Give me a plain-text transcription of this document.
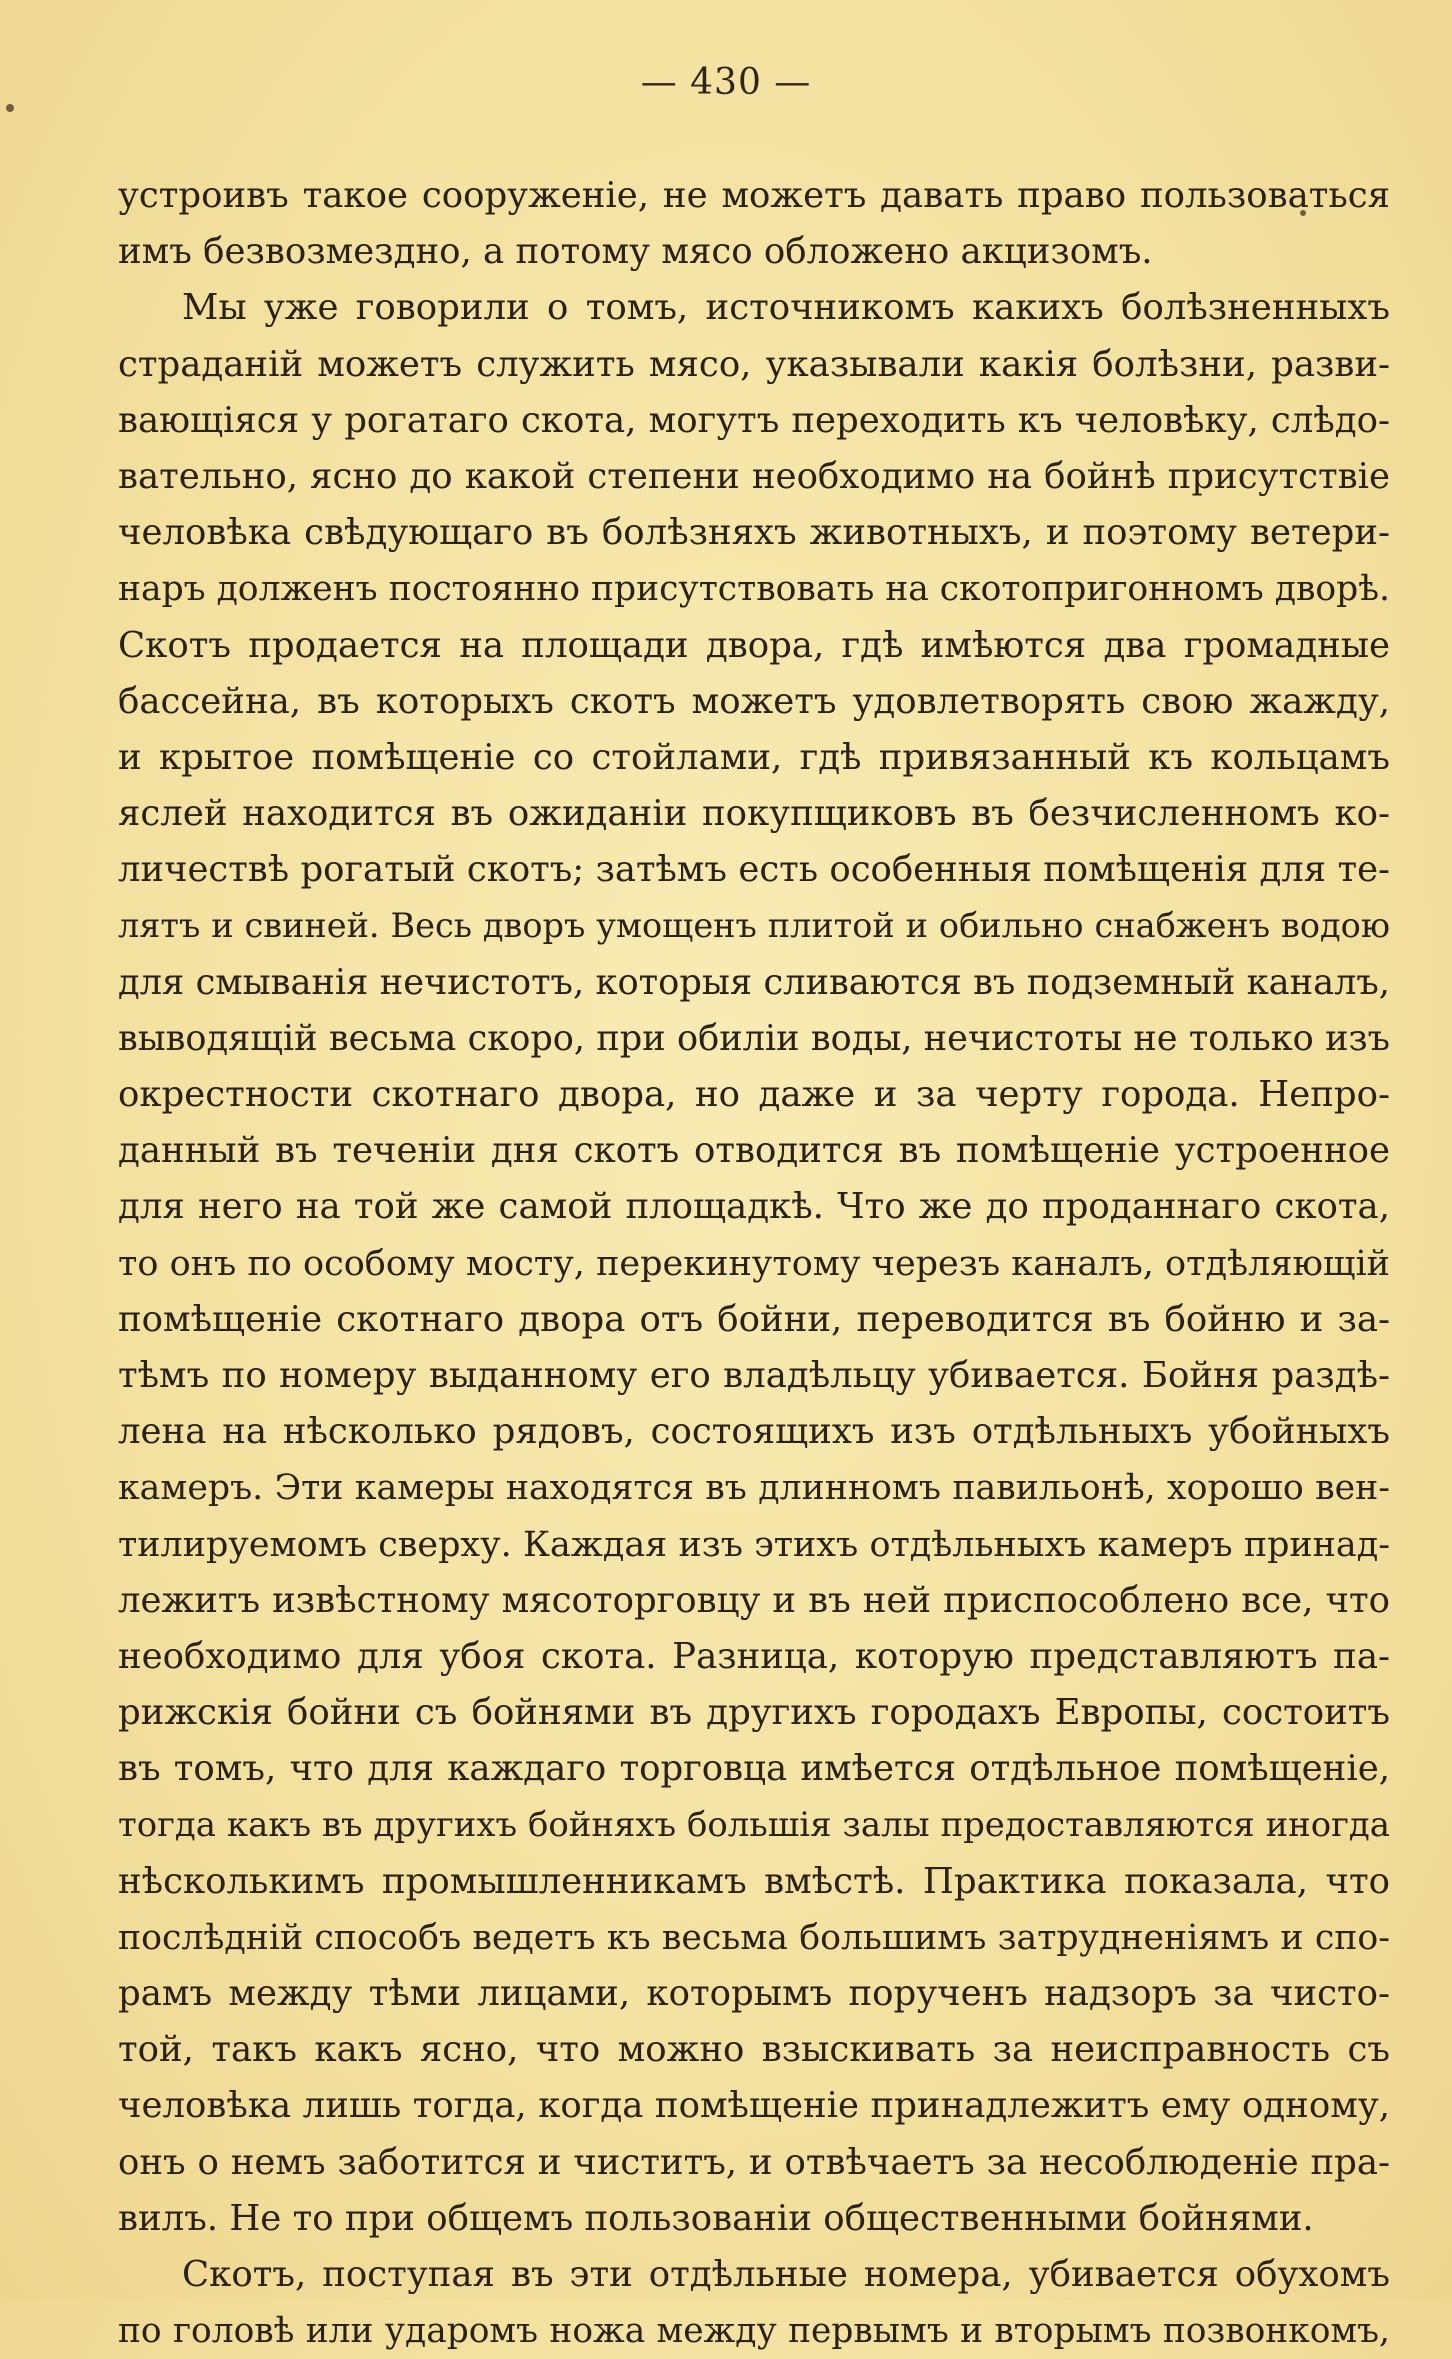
— 430 —
устроивъ такое сооруженіе, не можетъ давать право пользоваться
имъ безвозмездно, а потому мясо обложено акцизомъ.
Мы уже говорили о томъ, источникомъ какихъ болѣзненныхъ
страданій можетъ служить мясо, указывали какія болѣзни, разви-
вающіяся у рогатаго скота, могутъ переходить къ человѣку, слѣдо-
вательно, ясно до какой степени необходимо на бойнѣ присутствіе
человѣка свѣдующаго въ болѣзняхъ животныхъ, и поэтому ветери-
наръ долженъ постоянно присутствовать на скотопригонномъ дворѣ.
Скотъ продается на площади двора, гдѣ имѣются два громадные
бассейна, въ которыхъ скотъ можетъ удовлетворять свою жажду,
и крытое помѣщеніе со стойлами, гдѣ привязанный къ кольцамъ
яслей находится въ ожиданіи покупщиковъ въ безчисленномъ ко-
личествѣ рогатый скотъ; затѣмъ есть особенныя помѣщенія для те-
лятъ и свиней. Весь дворъ умощенъ плитой и обильно снабженъ водою
для смыванія нечистотъ, которыя сливаются въ подземный каналъ,
выводящій весьма скоро, при обиліи воды, нечистоты не только изъ
окрестности скотнаго двора, но даже и за черту города. Непро-
данный въ теченіи дня скотъ отводится въ помѣщеніе устроенное
для него на той же самой площадкѣ. Что же до проданнаго скота,
то онъ по особому мосту, перекинутому черезъ каналъ, отдѣляющій
помѣщеніе скотнаго двора отъ бойни, переводится въ бойню и за-
тѣмъ по номеру выданному его владѣльцу убивается. Бойня раздѣ-
лена на нѣсколько рядовъ, состоящихъ изъ отдѣльныхъ убойныхъ
камеръ. Эти камеры находятся въ длинномъ павильонѣ, хорошо вен-
тилируемомъ сверху. Каждая изъ этихъ отдѣльныхъ камеръ принад-
лежитъ извѣстному мясоторговцу и въ ней приспособлено все, что
необходимо для убоя скота. Разница, которую представляютъ па-
рижскія бойни съ бойнями въ другихъ городахъ Европы, состоитъ
въ томъ, что для каждаго торговца имѣется отдѣльное помѣщеніе,
тогда какъ въ другихъ бойняхъ большія залы предоставляются иногда
нѣсколькимъ промышленникамъ вмѣстѣ. Практика показала, что
послѣдній способъ ведетъ къ весьма большимъ затрудненіямъ и спо-
рамъ между тѣми лицами, которымъ порученъ надзоръ за чисто-
той, такъ какъ ясно, что можно взыскивать за неисправность съ
человѣка лишь тогда, когда помѣщеніе принадлежитъ ему одному,
онъ о немъ заботится и чиститъ, и отвѣчаетъ за несоблюденіе пра-
вилъ. Не то при общемъ пользованіи общественными бойнями.
Скотъ, поступая въ эти отдѣльные номера, убивается обухомъ
по головѣ или ударомъ ножа между первымъ и вторымъ позвонкомъ,
